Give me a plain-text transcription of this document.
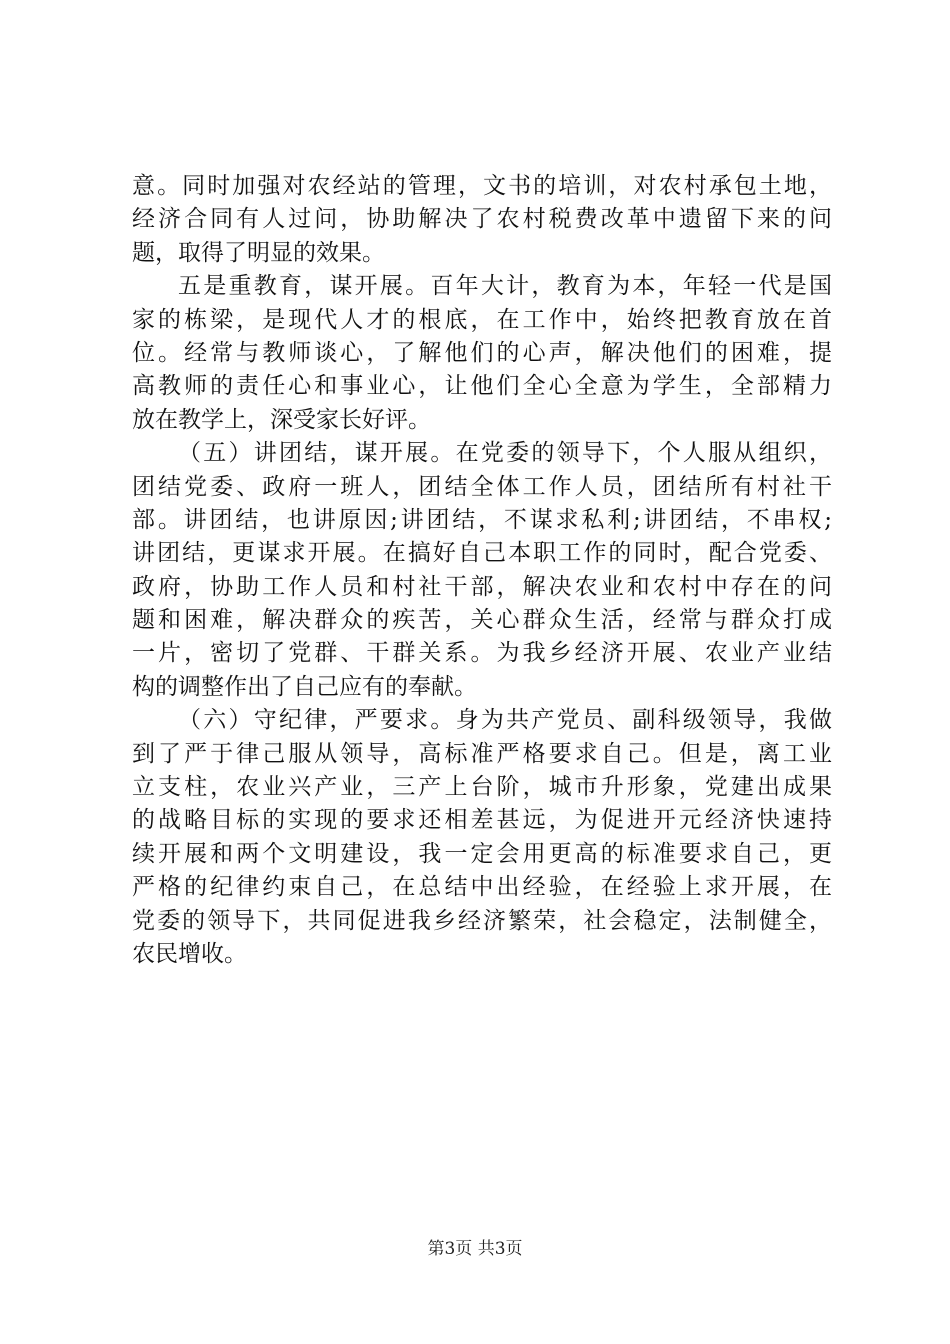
意。同时加强对农经站的管理，文书的培训，对农村承包土地，
经济合同有人过问，协助解决了农村税费改革中遗留下来的问
题，取得了明显的效果。
五是重教育，谋开展。百年大计，教育为本，年轻一代是国
家的栋梁，是现代人才的根底，在工作中，始终把教育放在首
位。经常与教师谈心，了解他们的心声，解决他们的困难，提
高教师的责任心和事业心，让他们全心全意为学生，全部精力
放在教学上，深受家长好评。
（五）讲团结，谋开展。在党委的领导下，个人服从组织，
团结党委、政府一班人，团结全体工作人员，团结所有村社干
部。讲团结，也讲原因;讲团结，不谋求私利;讲团结，不串权;
讲团结，更谋求开展。在搞好自己本职工作的同时，配合党委、
政府，协助工作人员和村社干部，解决农业和农村中存在的问
题和困难，解决群众的疾苦，关心群众生活，经常与群众打成
一片，密切了党群、干群关系。为我乡经济开展、农业产业结
构的调整作出了自己应有的奉献。
（六）守纪律，严要求。身为共产党员、副科级领导，我做
到了严于律己服从领导，高标准严格要求自己。但是，离工业
立支柱，农业兴产业，三产上台阶，城市升形象，党建出成果
的战略目标的实现的要求还相差甚远，为促进开元经济快速持
续开展和两个文明建设，我一定会用更高的标准要求自己，更
严格的纪律约束自己，在总结中出经验，在经验上求开展，在
党委的领导下，共同促进我乡经济繁荣，社会稳定，法制健全，
农民增收。
第3页 共3页
